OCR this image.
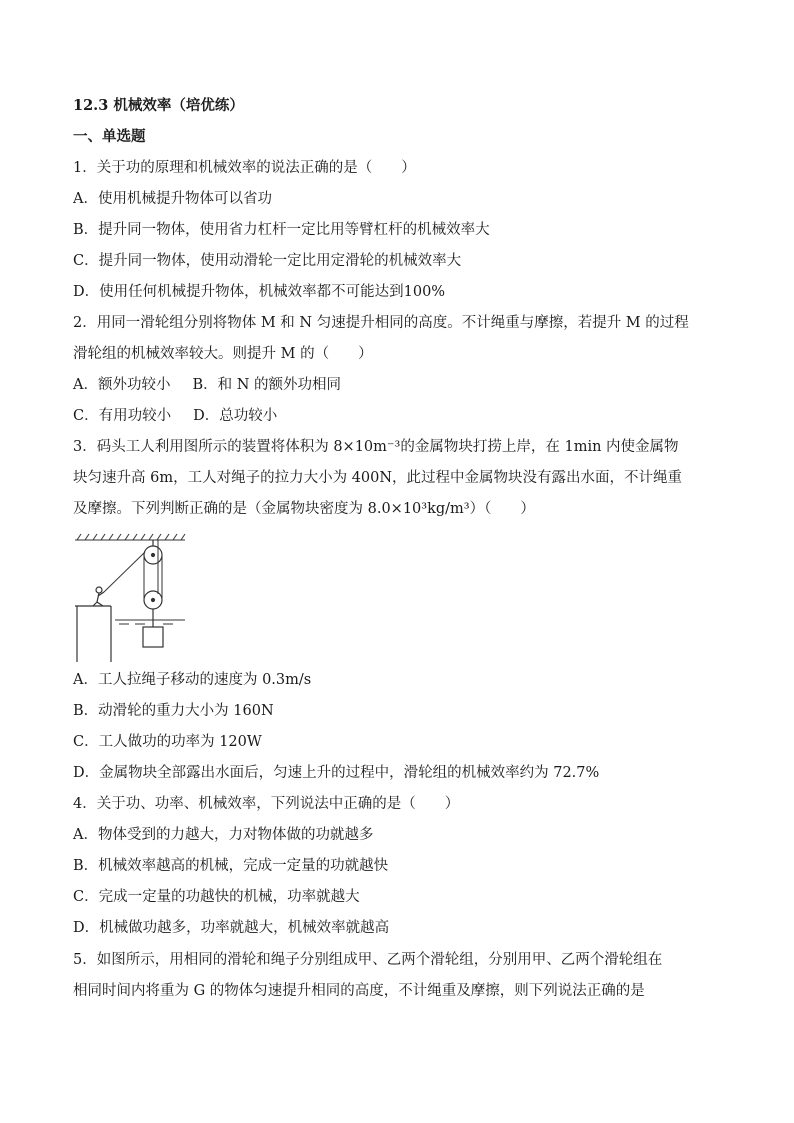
12.3 机械效率（培优练）
一、单选题
1．关于功的原理和机械效率的说法正确的是（　　）
A．使用机械提升物体可以省功
B．提升同一物体，使用省力杠杆一定比用等臂杠杆的机械效率大
C．提升同一物体，使用动滑轮一定比用定滑轮的机械效率大
D．使用任何机械提升物体，机械效率都不可能达到100%
2．用同一滑轮组分别将物体 M 和 N 匀速提升相同的高度。不计绳重与摩擦，若提升 M 的过程
滑轮组的机械效率较大。则提升 M 的（　　）
A．额外功较小 B．和 N 的额外功相同
C．有用功较小 D．总功较小
3．码头工人利用图所示的装置将体积为 8×10m⁻³的金属物块打捞上岸，在 1min 内使金属物
块匀速升高 6m，工人对绳子的拉力大小为 400N，此过程中金属物块没有露出水面，不计绳重
及摩擦。下列判断正确的是（金属物块密度为 8.0×10³kg/m³）（　　）
A．工人拉绳子移动的速度为 0.3m/s
B．动滑轮的重力大小为 160N
C．工人做功的功率为 120W
D．金属物块全部露出水面后，匀速上升的过程中，滑轮组的机械效率约为 72.7%
4．关于功、功率、机械效率，下列说法中正确的是（　　）
A．物体受到的力越大，力对物体做的功就越多
B．机械效率越高的机械，完成一定量的功就越快
C．完成一定量的功越快的机械，功率就越大
D．机械做功越多，功率就越大，机械效率就越高
5．如图所示，用相同的滑轮和绳子分别组成甲、乙两个滑轮组，分别用甲、乙两个滑轮组在
相同时间内将重为 G 的物体匀速提升相同的高度，不计绳重及摩擦，则下列说法正确的是
